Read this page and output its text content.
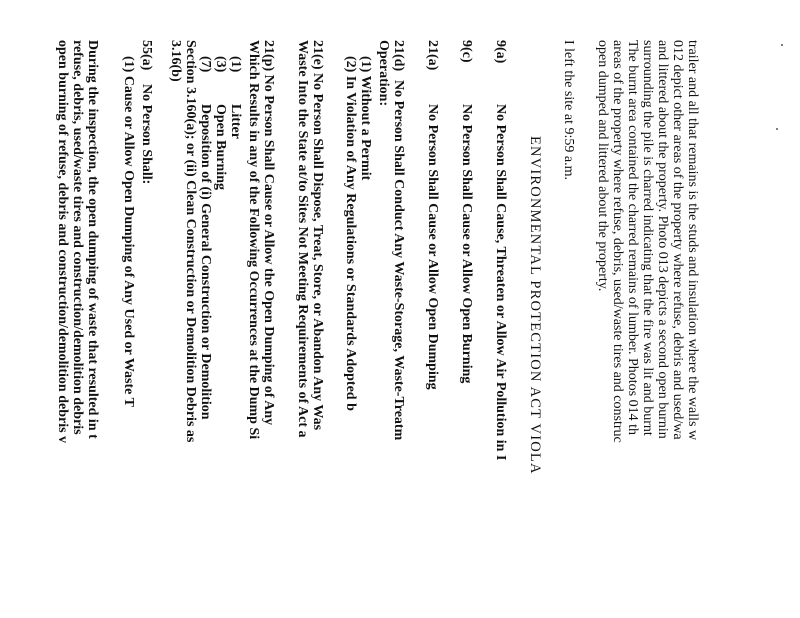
trailer and all that remains is the studs and insulation where the walls w
012 depict other areas of the property where refuse, debris and used/wa
and littered about the property. Photo 013 depicts a second open burnin
surrounding the pile is charred indicating that the fire was lit and burnt
The burnt area contained the charred remains of lumber. Photos 014 th
areas of the property where refuse, debris, used/waste tires and construc
open dumped and littered about the property.
I left the site at 9:59 a.m.
ENVIRONMENTAL PROTECTION ACT VIOLA
9(a)
No Person Shall Cause, Threaten or Allow Air Pollution in I
9(c)
No Person Shall Cause or Allow Open Burning
21(a)
No Person Shall Cause or Allow Open Dumping
21(d)
No Person Shall Conduct Any Waste-Storage, Waste-Treatm
Operation:
(1) Without a Permit
(2) In Violation of Any Regulations or Standards Adopted b
21(e) No Person Shall Dispose, Treat, Store, or Abandon Any Was
Waste Into the State at/to Sites Not Meeting Requirements of Act a
21(p) No Person Shall Cause or Allow the Open Dumping of Any
Which Results in any of the Following Occurrences at the Dump Si
(1)
Litter
(3)
Open Burning
(7)
Deposition of (i) General Construction or Demolition
Section 3.160(a); or (ii) Clean Construction or Demolition Debris as
3.16(b)
55(a)
No Person Shall:
(1) Cause or Allow Open Dumping of Any Used or Waste T
During the inspection, the open dumping of waste that resulted in t
refuse, debris, used/waste tires and construction/demolition debris
open burning of refuse, debris and construction/demolition debris v
